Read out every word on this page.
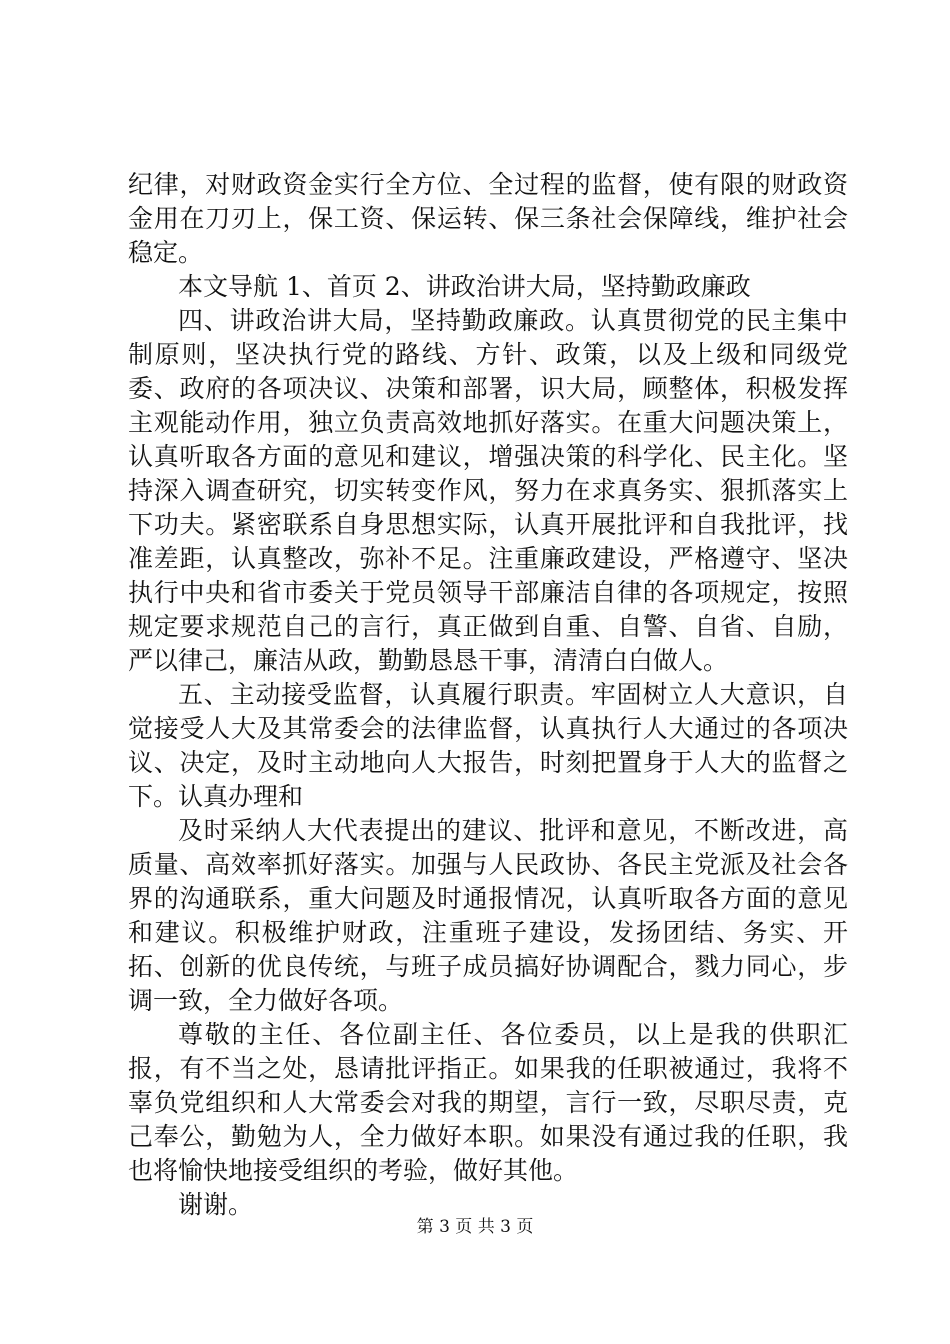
纪律，对财政资金实行全方位、全过程的监督，使有限的财政资金用在刀刃上，保工资、保运转、保三条社会保障线，维护社会稳定。

本文导航 1、首页 2、讲政治讲大局，坚持勤政廉政

四、讲政治讲大局，坚持勤政廉政。认真贯彻党的民主集中制原则，坚决执行党的路线、方针、政策，以及上级和同级党委、政府的各项决议、决策和部署，识大局，顾整体，积极发挥主观能动作用，独立负责高效地抓好落实。在重大问题决策上，认真听取各方面的意见和建议，增强决策的科学化、民主化。坚持深入调查研究，切实转变作风，努力在求真务实、狠抓落实上下功夫。紧密联系自身思想实际，认真开展批评和自我批评，找准差距，认真整改，弥补不足。注重廉政建设，严格遵守、坚决执行中央和省市委关于党员领导干部廉洁自律的各项规定，按照规定要求规范自己的言行，真正做到自重、自警、自省、自励，严以律己，廉洁从政，勤勤恳恳干事，清清白白做人。

五、主动接受监督，认真履行职责。牢固树立人大意识，自觉接受人大及其常委会的法律监督，认真执行人大通过的各项决议、决定，及时主动地向人大报告，时刻把置身于人大的监督之下。认真办理和

及时采纳人大代表提出的建议、批评和意见，不断改进，高质量、高效率抓好落实。加强与人民政协、各民主党派及社会各界的沟通联系，重大问题及时通报情况，认真听取各方面的意见和建议。积极维护财政，注重班子建设，发扬团结、务实、开拓、创新的优良传统，与班子成员搞好协调配合，戮力同心，步调一致，全力做好各项。

尊敬的主任、各位副主任、各位委员，以上是我的供职汇报，有不当之处，恳请批评指正。如果我的任职被通过，我将不辜负党组织和人大常委会对我的期望，言行一致，尽职尽责，克己奉公，勤勉为人，全力做好本职。如果没有通过我的任职，我也将愉快地接受组织的考验，做好其他。

谢谢。

第 3 页 共 3 页
